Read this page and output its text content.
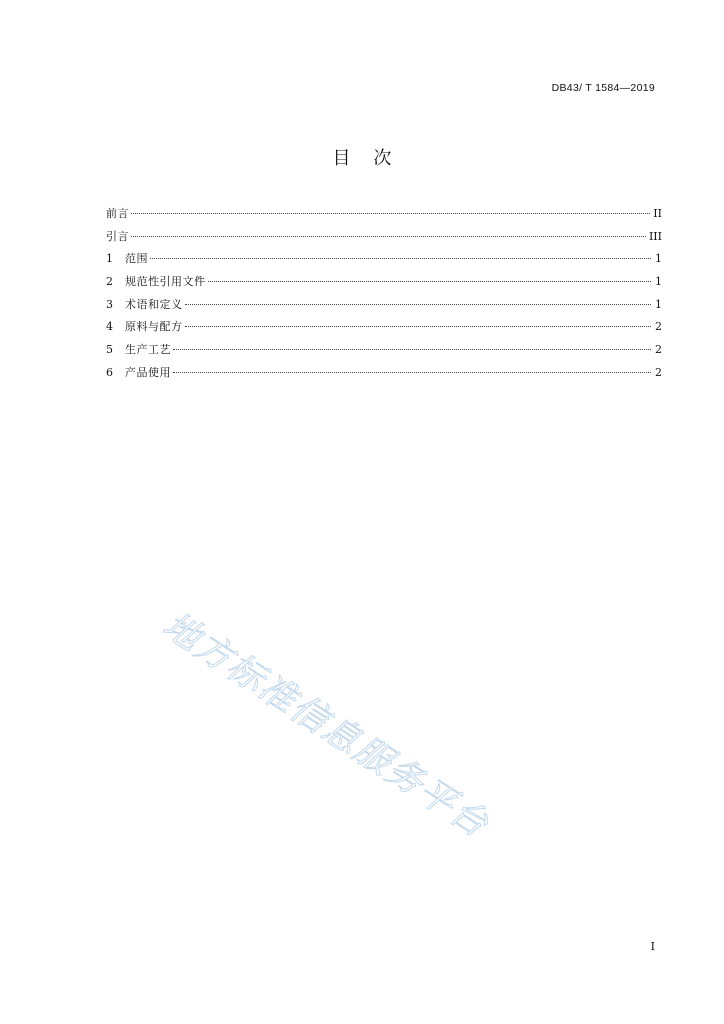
DB43/ T 1584—2019
目    次
前言	II
引言	III
1	范围	1
2	规范性引用文件	1
3	术语和定义	1
4	原料与配方	2
5	生产工艺	2
6	产品使用	2
地方标准信息服务平台
I
